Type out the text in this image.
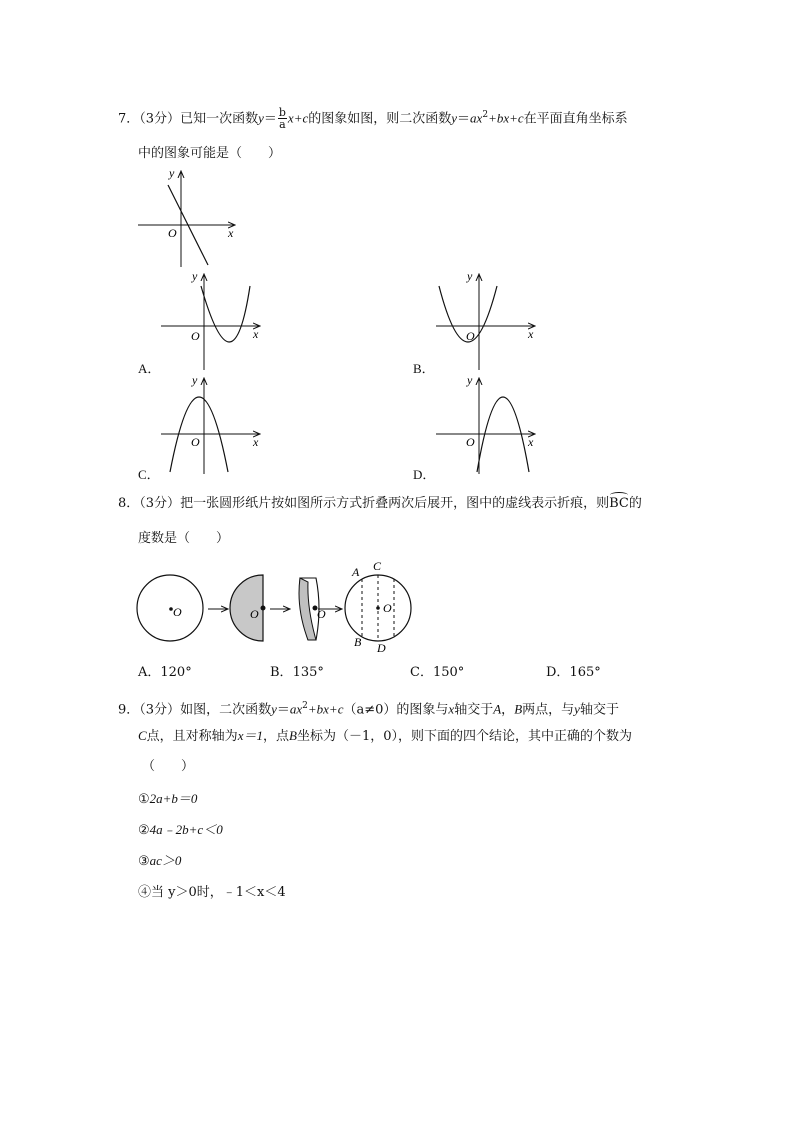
7．（3分）已知一次函数$y= \frac{b}{a} x+c$的图象如图，则二次函数$y=ax^2+bx+c$在平面直角坐标系
中的图象可能是（　　）
y
x
O
y
x
O
A．
y
x
O
B．
y
x
O
C．
y
x
O
D．
8．（3分）把一张圆形纸片按如图所示方式折叠两次后展开，图中的虚线表示折痕，则BC的
度数是（　　）
O	O	O	O
A C
B D
A．120°	B．135°	C．150°	D．165°
9．（3分）如图，二次函数$y=ax^2+bx+c(a\ne 0)$的图象与x轴交于A，B两点，与y轴交于
C点，且对称轴为x＝1，点B坐标为（－1，0），则下面的四个结论，其中正确的个数为
（　　）
①2a+b＝0
②4a﹣2b+c＜0
③ac＞0
④当 y＞0时，﹣1＜x＜4
